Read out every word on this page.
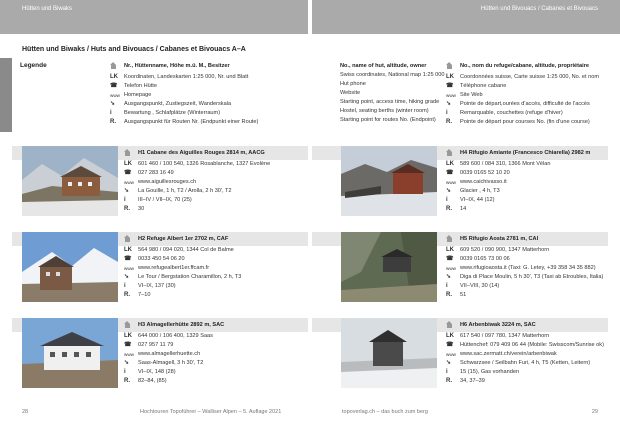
Hütten und Biwaks	Hütten und Bivouacs / Cabanes et Bivouacs
Hütten und Biwaks / Huts and Bivouacs / Cabanes et Bivouacs A–A
Legende	Nr., Hüttenname, Höhe m.ü. M., Besitzer
LK	Koordinaten, Landeskarten 1:25 000, Nr. und Blatt
☎	Telefon Hütte
www Homepage
➘	Ausgangspunkt, Zustiegszeit, Wanderskala
i	Bewartung , Schlafplätze (Winterraum)
R.	Ausgangspunkt für Routen Nr. (Endpunkt einer Route)
No., name of hut, altitude, owner
Swiss coordinates, National map 1:25 000
Hut phone
Website
Starting point, access time, hiking grade
Hostel, seating berths (winter room)
Starting point for routes No. (Endpoint)
No., nom du refuge/cabane, altitude, propriétaire
LK	Coordonnées suisse, Carte suisse 1:25 000, No. et nom
☎	Téléphone cabane
www Site Web
➘	Pointe de départ,ourées d'accès, difficulté de l'accès
i	Remarquable, couchettes (refuge d'hiver)
R.	Pointe de départ pour courses No. (fin d'une course)
H1 Cabane des Aiguilles Rouges 2814 m, AACG
LK	601 460 / 100 540, 1326 Rosablanche, 1327 Evolène
☎	027 283 16 49
www www.aiguillesrouges.ch
➘	La Gouille, 1 h, T2 / Arolla, 2 h 30', T2
i	III–IV / VII–IX, 70 (25)
R.	30
H2 Refuge Albert 1er 2702 m, CAF
LK	564 980 / 094 020, 1344 Col de Balme
☎	0033 450 54 06 20
www www.refugealbert1er.ffcam.fr
➘	Le Tour / Bergstation Charamillon, 2 h, T3
i	VI–IX, 137 (30)
R.	7–10
H3 Almagellerhütte 2892 m, SAC
LK	644 000 / 106 400, 1329 Saas
☎	027 957 11 79
www www.almagellerhuette.ch
➘	Saas-Almagell, 3 h 30', T2
i	VI–IX, 148 (28)
R.	82–84, (85)
H4 Rifugio Amiante (Francesco Chiarella) 2982 m
LK	589 600 / 084 310, 1366 Mont Vélan
☎	0039 0165 52 10 20
www www.caichivasso.it
➘	Glacier , 4 h, T3
i	VI–IX, 44 (12)
R.	14
H5 Rifugio Aosta 2781 m, CAI
LK	609 520 / 090 900, 1347 Matterhorn
☎	0039 0165 73 00 06
www www.rifugioaosta.it (Taxi: G. Letey, +39 358 34 35 882)
➘	Diga di Place Moulin, 5 h 30', T3 (Taxi ab Etroubles, Italia)
i	VII–VIII, 30 (14)
R.	51
H6 Arbenbiwak 3224 m, SAC
LK	617 540 / 097 780, 1347 Matterhorn
☎	Hüttenchef: 079 409 06 44 (Mobile: Swisscom/Sunrise ok)
www www.sac.zermatt.ch/verein/arbenbiwak
➘	Schwarzsee / Seilbahn Furi, 4 h, T5 (Ketten, Leitern)
i	15 (15), Gas vorhanden
R.	34, 37–39
28	Hochtouren Topoführer – Walliser Alpen – 5. Auflage 2021	topoverlag.ch – das buch zum berg	29
